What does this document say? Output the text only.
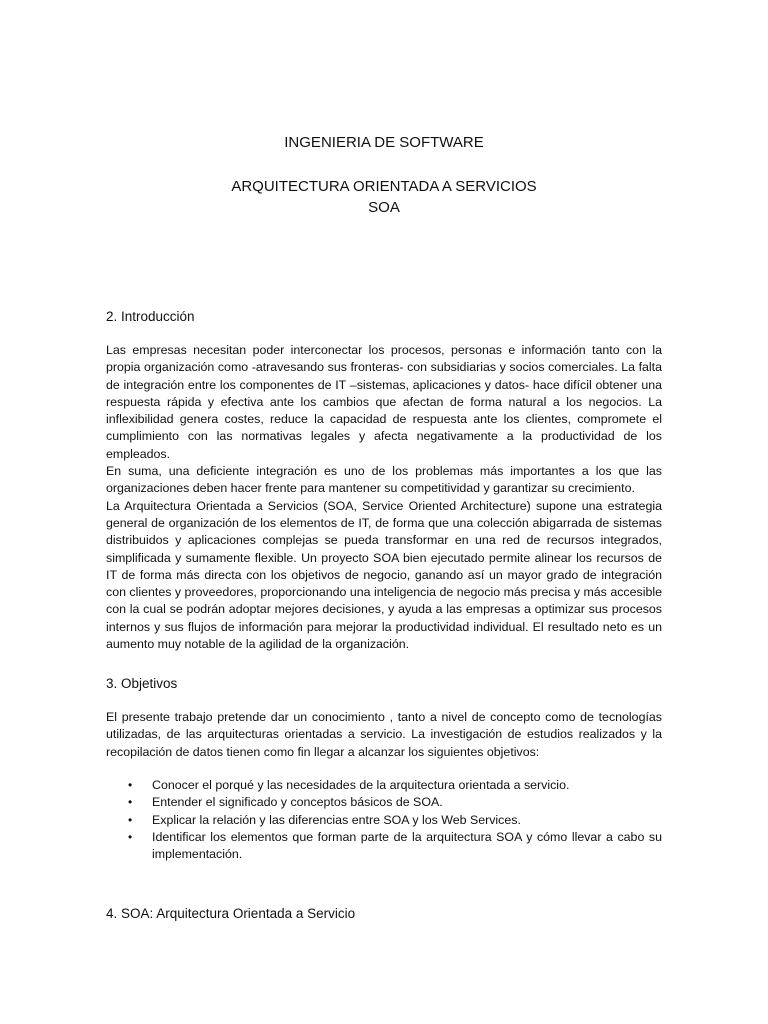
INGENIERIA DE SOFTWARE
ARQUITECTURA ORIENTADA A SERVICIOS
SOA
2. Introducción

Las empresas necesitan poder interconectar los procesos, personas e información tanto con la propia organización como -atravesando sus fronteras- con subsidiarias y socios comerciales. La falta de integración entre los componentes de IT –sistemas, aplicaciones y datos- hace difícil obtener una respuesta rápida y efectiva ante los cambios que afectan de forma natural a los negocios. La inflexibilidad genera costes, reduce la capacidad de respuesta ante los clientes, compromete el cumplimiento con las normativas legales y afecta negativamente a la productividad de los empleados.

En suma, una deficiente integración es uno de los problemas más importantes a los que las organizaciones deben hacer frente para mantener su competitividad y garantizar su crecimiento.

La Arquitectura Orientada a Servicios (SOA, Service Oriented Architecture) supone una estrategia general de organización de los elementos de IT, de forma que una colección abigarrada de sistemas distribuidos y aplicaciones complejas se pueda transformar en una red de recursos integrados, simplificada y sumamente flexible. Un proyecto SOA bien ejecutado permite alinear los recursos de IT de forma más directa con los objetivos de negocio, ganando así un mayor grado de integración con clientes y proveedores, proporcionando una inteligencia de negocio más precisa y más accesible con la cual se podrán adoptar mejores decisiones, y ayuda a las empresas a optimizar sus procesos internos y sus flujos de información para mejorar la productividad individual. El resultado neto es un aumento muy notable de la agilidad de la organización.

3. Objetivos

El presente trabajo pretende dar un conocimiento , tanto a nivel de concepto como de tecnologías utilizadas, de las arquitecturas orientadas a servicio. La investigación de estudios realizados y la recopilación de datos tienen como fin llegar a alcanzar los siguientes objetivos:

• Conocer el porqué y las necesidades de la arquitectura orientada a servicio.
• Entender el significado y conceptos básicos de SOA.
• Explicar la relación y las diferencias entre SOA y los Web Services.
• Identificar los elementos que forman parte de la arquitectura SOA y cómo llevar a cabo su implementación.
4. SOA: Arquitectura Orientada a Servicio
